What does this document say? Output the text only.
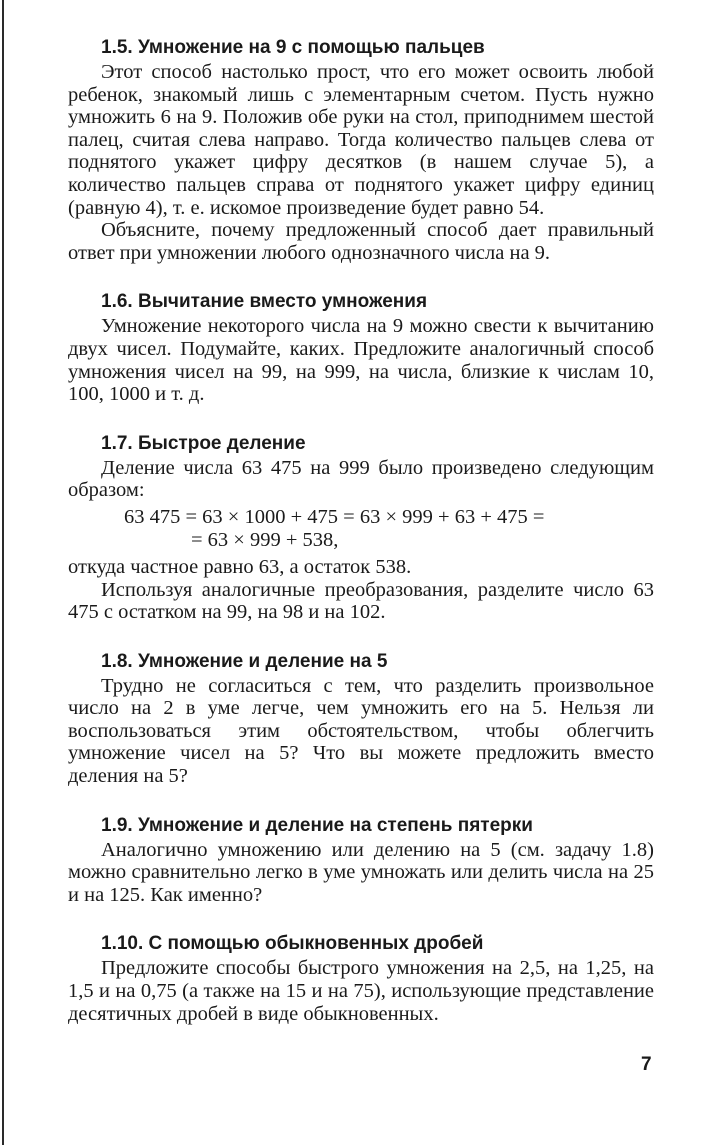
1.5. Умножение на 9 с помощью пальцев

Этот способ настолько прост, что его может освоить любой ребенок, знакомый лишь с элементарным счетом. Пусть нужно умножить 6 на 9. Положив обе руки на стол, приподнимем шестой палец, считая слева направо. Тогда количество пальцев слева от поднятого укажет цифру десятков (в нашем случае 5), а количество пальцев справа от поднятого укажет цифру единиц (равную 4), т. е. искомое произведение будет равно 54.

Объясните, почему предложенный способ дает правильный ответ при умножении любого однозначного числа на 9.

1.6. Вычитание вместо умножения

Умножение некоторого числа на 9 можно свести к вычитанию двух чисел. Подумайте, каких. Предложите аналогичный способ умножения чисел на 99, на 999, на числа, близкие к числам 10, 100, 1000 и т. д.

1.7. Быстрое деление

Деление числа 63 475 на 999 было произведено следующим образом:

63 475 = 63 × 1000 + 475 = 63 × 999 + 63 + 475 =
= 63 × 999 + 538,

откуда частное равно 63, а остаток 538.

Используя аналогичные преобразования, разделите число 63 475 с остатком на 99, на 98 и на 102.

1.8. Умножение и деление на 5

Трудно не согласиться с тем, что разделить произвольное число на 2 в уме легче, чем умножить его на 5. Нельзя ли воспользоваться этим обстоятельством, чтобы облегчить умножение чисел на 5? Что вы можете предложить вместо деления на 5?

1.9. Умножение и деление на степень пятерки

Аналогично умножению или делению на 5 (см. задачу 1.8) можно сравнительно легко в уме умножать или делить числа на 25 и на 125. Как именно?

1.10. С помощью обыкновенных дробей

Предложите способы быстрого умножения на 2,5, на 1,25, на 1,5 и на 0,75 (а также на 15 и на 75), использующие представление десятичных дробей в виде обыкновенных.

7
